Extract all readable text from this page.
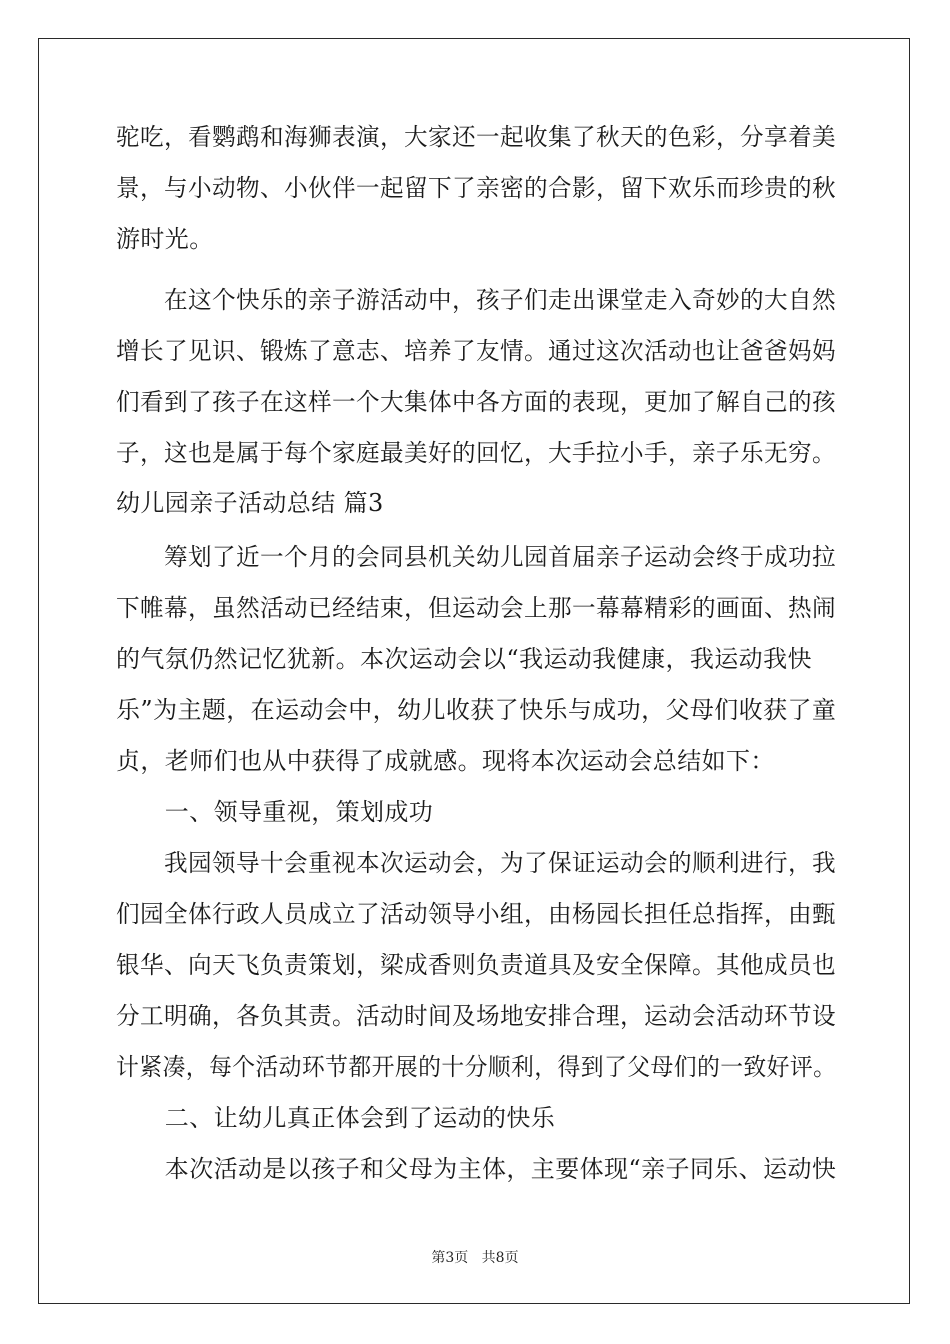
驼吃，看鹦鹉和海狮表演，大家还一起收集了秋天的色彩，分享着美
景，与小动物、小伙伴一起留下了亲密的合影，留下欢乐而珍贵的秋
游时光。
　　在这个快乐的亲子游活动中，孩子们走出课堂走入奇妙的大自然
增长了见识、锻炼了意志、培养了友情。通过这次活动也让爸爸妈妈
们看到了孩子在这样一个大集体中各方面的表现，更加了解自己的孩
子，这也是属于每个家庭最美好的回忆，大手拉小手，亲子乐无穷。
幼儿园亲子活动总结 篇3
　　筹划了近一个月的会同县机关幼儿园首届亲子运动会终于成功拉
下帷幕，虽然活动已经结束，但运动会上那一幕幕精彩的画面、热闹
的气氛仍然记忆犹新。本次运动会以“我运动我健康，我运动我快
乐”为主题，在运动会中，幼儿收获了快乐与成功，父母们收获了童
贞，老师们也从中获得了成就感。现将本次运动会总结如下：
　　一、领导重视，策划成功
　　我园领导十会重视本次运动会，为了保证运动会的顺利进行，我
们园全体行政人员成立了活动领导小组，由杨园长担任总指挥，由甄
银华、向天飞负责策划，梁成香则负责道具及安全保障。其他成员也
分工明确，各负其责。活动时间及场地安排合理，运动会活动环节设
计紧凑，每个活动环节都开展的十分顺利，得到了父母们的一致好评。
　　二、让幼儿真正体会到了运动的快乐
　　本次活动是以孩子和父母为主体，主要体现“亲子同乐、运动快
第3页 共8页
